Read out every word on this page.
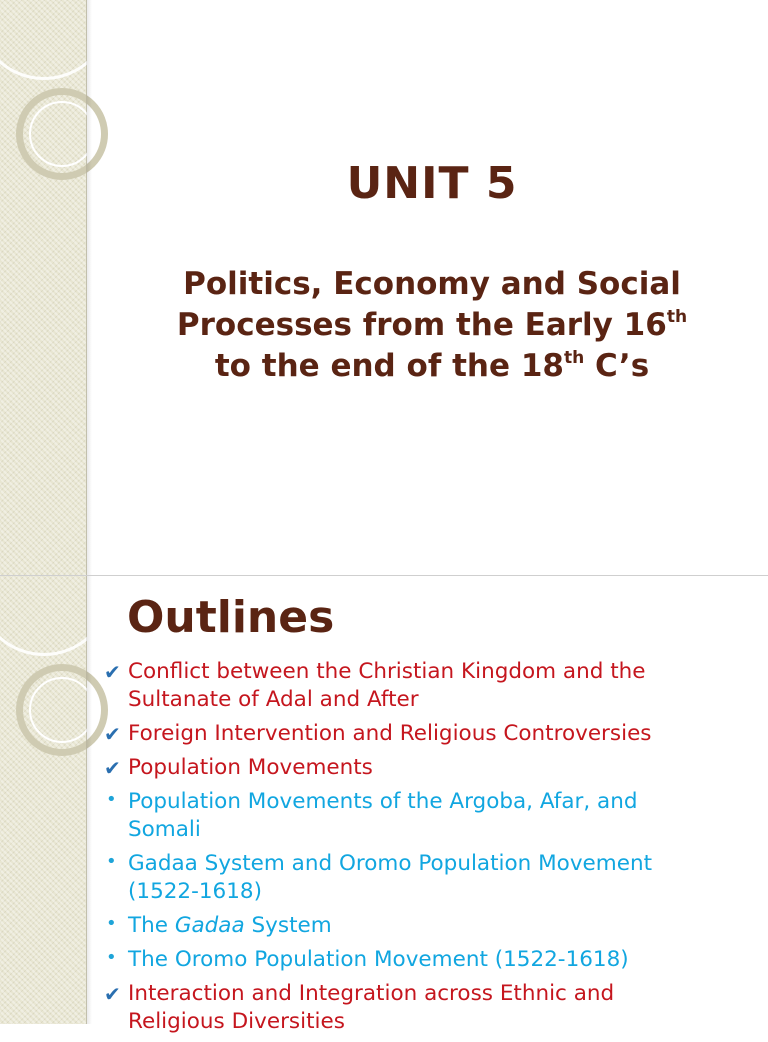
UNIT 5
Politics, Economy and Social
Processes from the Early 16th
to the end of the 18th C’s
Outlines
✔ Conflict between the Christian Kingdom and the
Sultanate of Adal and After
✔ Foreign Intervention and Religious Controversies
✔ Population Movements
• Population Movements of the Argoba, Afar, and
Somali
• Gadaa System and Oromo Population Movement
(1522-1618)
• The Gadaa System
• The Oromo Population Movement (1522-1618)
✔ Interaction and Integration across Ethnic and
Religious Diversities
